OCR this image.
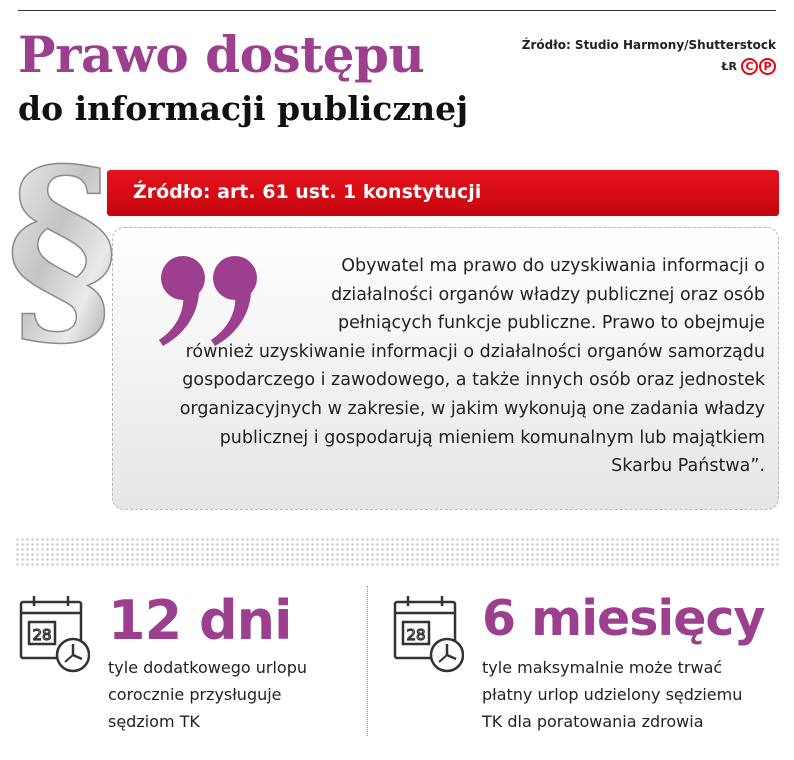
Prawo dostępu
do informacji publicznej
Źródło: Studio Harmony/Shutterstock
ŁR C P
Źródło: art. 61 ust. 1 konstytucji

Obywatel ma prawo do uzyskiwania informacji o działalności organów władzy publicznej oraz osób pełniących funkcje publiczne. Prawo to obejmuje również uzyskiwanie informacji o działalności organów samorządu gospodarczego i zawodowego, a także innych osób oraz jednostek organizacyjnych w zakresie, w jakim wykonują one zadania władzy publicznej i gospodarują mieniem komunalnym lub majątkiem Skarbu Państwa”.

§
28 12 dni
tyle dodatkowego urlopu
corocznie przysługuje
sędziom TK
28 6 miesięcy
tyle maksymalnie może trwać
płatny urlop udzielony sędziemu
TK dla poratowania zdrowia
